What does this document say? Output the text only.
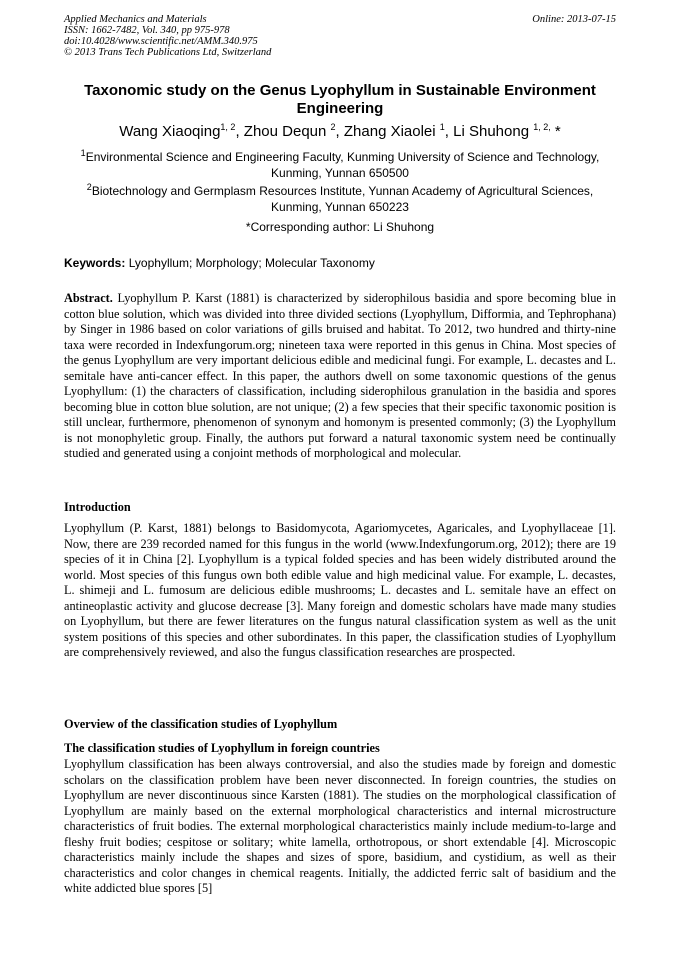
Applied Mechanics and Materials
ISSN: 1662-7482, Vol. 340, pp 975-978
doi:10.4028/www.scientific.net/AMM.340.975
© 2013 Trans Tech Publications Ltd, Switzerland
Online: 2013-07-15
Taxonomic study on the Genus Lyophyllum in Sustainable Environment Engineering
Wang Xiaoqing$^{1, 2}$, Zhou Dequn $^2$, Zhang Xiaolei $^1$, Li Shuhong $^{1, 2,}$ *
$^1$Environmental Science and Engineering Faculty, Kunming University of Science and Technology, Kunming, Yunnan 650500
$^2$Biotechnology and Germplasm Resources Institute, Yunnan Academy of Agricultural Sciences, Kunming, Yunnan 650223
*Corresponding author: Li Shuhong
Keywords: Lyophyllum; Morphology; Molecular Taxonomy
Abstract. Lyophyllum P. Karst (1881) is characterized by siderophilous basidia and spore becoming blue in cotton blue solution, which was divided into three divided sections (Lyophyllum, Difformia, and Tephrophana) by Singer in 1986 based on color variations of gills bruised and habitat. To 2012, two hundred and thirty-nine taxa were recorded in Indexfungorum.org; nineteen taxa were reported in this genus in China. Most species of the genus Lyophyllum are very important delicious edible and medicinal fungi. For example, L. decastes and L. semitale have anti-cancer effect. In this paper, the authors dwell on some taxonomic questions of the genus Lyophyllum: (1) the characters of classification, including siderophilous granulation in the basidia and spores becoming blue in cotton blue solution, are not unique; (2) a few species that their specific taxonomic position is still unclear, furthermore, phenomenon of synonym and homonym is presented commonly; (3) the Lyophyllum is not monophyletic group. Finally, the authors put forward a natural taxonomic system need be continually studied and generated using a conjoint methods of morphological and molecular.
Introduction
Lyophyllum (P. Karst, 1881) belongs to Basidomycota, Agariomycetes, Agaricales, and Lyophyllaceae [1]. Now, there are 239 recorded named for this fungus in the world (www.Indexfungorum.org, 2012); there are 19 species of it in China [2]. Lyophyllum is a typical folded species and has been widely distributed around the world. Most species of this fungus own both edible value and high medicinal value. For example, L. decastes, L. shimeji and L. fumosum are delicious edible mushrooms; L. decastes and L. semitale have an effect on antineoplastic activity and glucose decrease [3]. Many foreign and domestic scholars have made many studies on Lyophyllum, but there are fewer literatures on the fungus natural classification system as well as the unit system positions of this species and other subordinates. In this paper, the classification studies of Lyophyllum are comprehensively reviewed, and also the fungus classification researches are prospected.
Overview of the classification studies of Lyophyllum
The classification studies of Lyophyllum in foreign countries
Lyophyllum classification has been always controversial, and also the studies made by foreign and domestic scholars on the classification problem have been never disconnected. In foreign countries, the studies on Lyophyllum are never discontinuous since Karsten (1881). The studies on the morphological classification of Lyophyllum are mainly based on the external morphological characteristics and internal microstructure characteristics of fruit bodies. The external morphological characteristics mainly include medium-to-large and fleshy fruit bodies; cespitose or solitary; white lamella, orthotropous, or short extendable [4]. Microscopic characteristics mainly include the shapes and sizes of spore, basidium, and cystidium, as well as their characteristics and color changes in chemical reagents. Initially, the addicted ferric salt of basidium and the white addicted blue spores [5]
